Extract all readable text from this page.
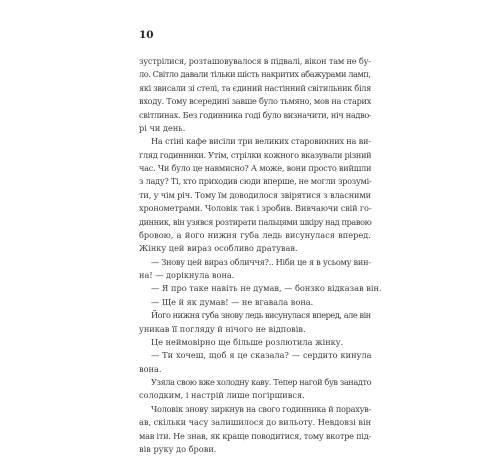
10
зустрілися, розташовувалося в підвалі, вікон там не бу-
ло. Світло давали тільки шість накритих абажурами ламп,
які звисали зі стелі, та єдиний настінний світильник біля
входу. Тому всередині завше було тьмяно, мов на старих
світлинах. Без годинника годі було визначити, ніч надво-
рі чи день.
На стіні кафе висіли три великих старовинних на ви-
гляд годинники. Утім, стрілки кожного вказували різний
час. Чи було це навмисно? А може, вони просто вийшли
з ладу? Ті, хто приходив сюди вперше, не могли зрозумі-
ти, у чім річ. Тому їм доводилося звірятися з власними
хронометрами. Чоловік так і зробив. Вивчаючи свій го-
динник, він узявся розтирати пальцями шкіру над правою
бровою, а його нижня губа ледь висунулася вперед.
Жінку цей вираз особливо дратував.
— Знову цей вираз обличчя?.. Ніби це я в усьому вин-
на! — дорікнула вона.
— Я про таке навіть не думав, — бонзко відказав він.
— Ще й як думав! — не вгавала вона.
Його нижня губа знову ледь висунулася вперед, але він
уникав її погляду й нічого не відповів.
Це неймовірно ще більше розлютила жінку.
— Ти хочеш, щоб я це сказала? — сердито кинула
вона.
Узяла свою вже холодну каву. Тепер нагой був занадто
солодким, і настрій лише погіршився.
Чоловік знову зиркнув на свого годинника й порахув-
ав, скільки часу залишилося до вильоту. Невдовзі він
мав іти. Не знав, як краще поводитися, тому вкотре під-
вів руку до брови.
